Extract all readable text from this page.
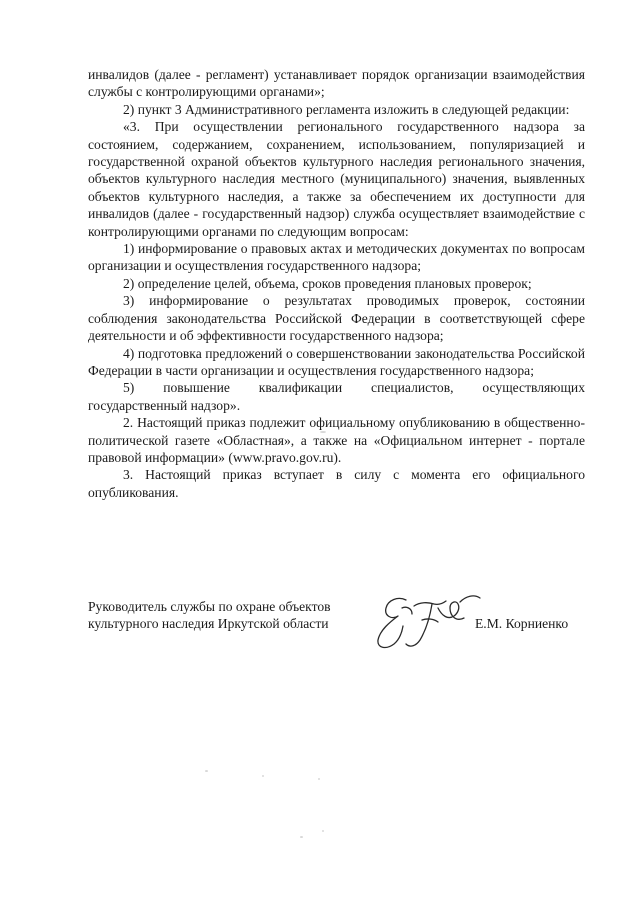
инвалидов (далее - регламент) устанавливает порядок организации взаимодействия службы с контролирующими органами»;

2) пункт 3 Административного регламента изложить в следующей редакции:

«3. При осуществлении регионального государственного надзора за состоянием, содержанием, сохранением, использованием, популяризацией и государственной охраной объектов культурного наследия регионального значения, объектов культурного наследия местного (муниципального) значения, выявленных объектов культурного наследия, а также за обеспечением их доступности для инвалидов (далее - государственный надзор) служба осуществляет взаимодействие с контролирующими органами по следующим вопросам:

1) информирование о правовых актах и методических документах по вопросам организации и осуществления государственного надзора;

2) определение целей, объема, сроков проведения плановых проверок;

3) информирование о результатах проводимых проверок, состоянии соблюдения законодательства Российской Федерации в соответствующей сфере деятельности и об эффективности государственного надзора;

4) подготовка предложений о совершенствовании законодательства Российской Федерации в части организации и осуществления государственного надзора;

5) повышение квалификации специалистов, осуществляющих государственный надзор».

2. Настоящий приказ подлежит официальному опубликованию в общественно-политической газете «Областная», а также на «Официальном интернет - портале правовой информации» (www.pravo.gov.ru).

3. Настоящий приказ вступает в силу с момента его официального опубликования.

Руководитель службы по охране объектов
культурного наследия Иркутской области	Е.М. Корниенко
